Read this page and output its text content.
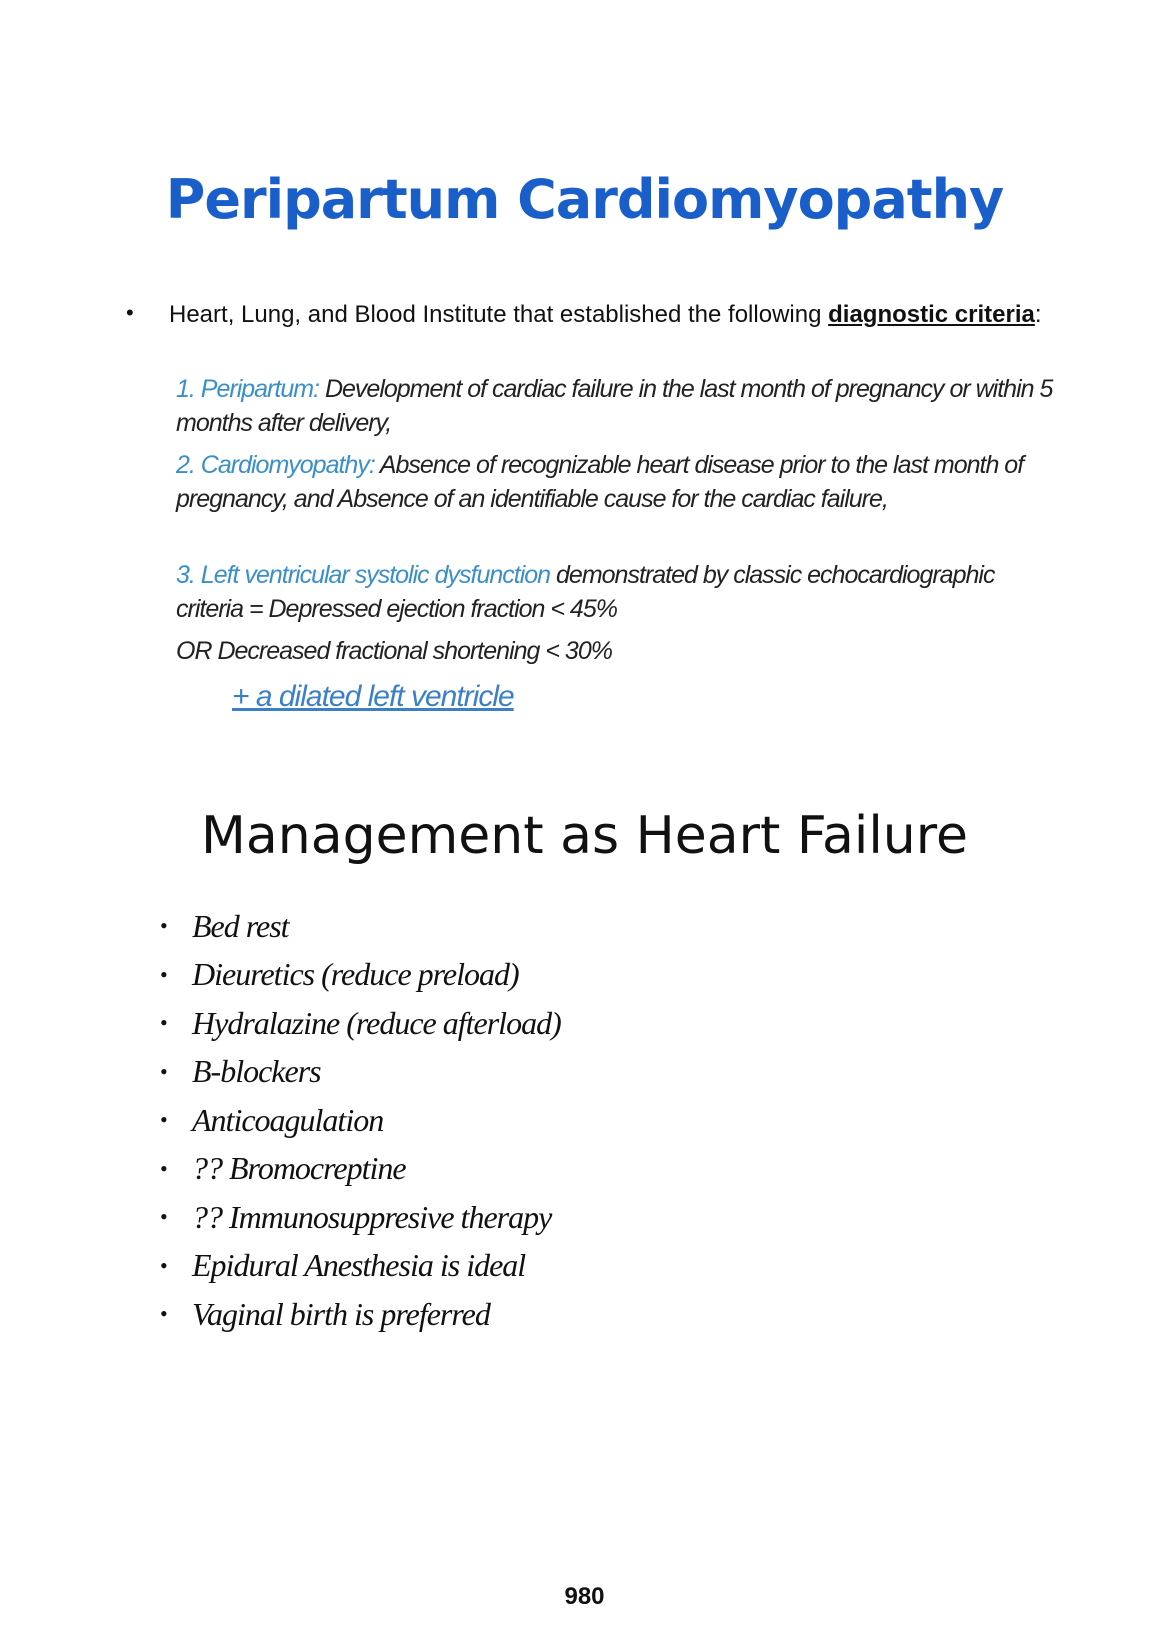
Peripartum Cardiomyopathy
• Heart, Lung, and Blood Institute that established the following diagnostic criteria:
1. Peripartum: Development of cardiac failure in the last month of pregnancy or within 5 months after delivery,
2. Cardiomyopathy: Absence of recognizable heart disease prior to the last month of pregnancy, and Absence of an identifiable cause for the cardiac failure,
3. Left ventricular systolic dysfunction demonstrated by classic echocardiographic criteria = Depressed ejection fraction < 45%
OR Decreased fractional shortening < 30%
+ a dilated left ventricle
Management as Heart Failure
• Bed rest
• Dieuretics (reduce preload)
• Hydralazine (reduce afterload)
• B-blockers
• Anticoagulation
• ?? Bromocreptine
• ?? Immunosuppresive therapy
• Epidural Anesthesia is ideal
• Vaginal birth is preferred
980
